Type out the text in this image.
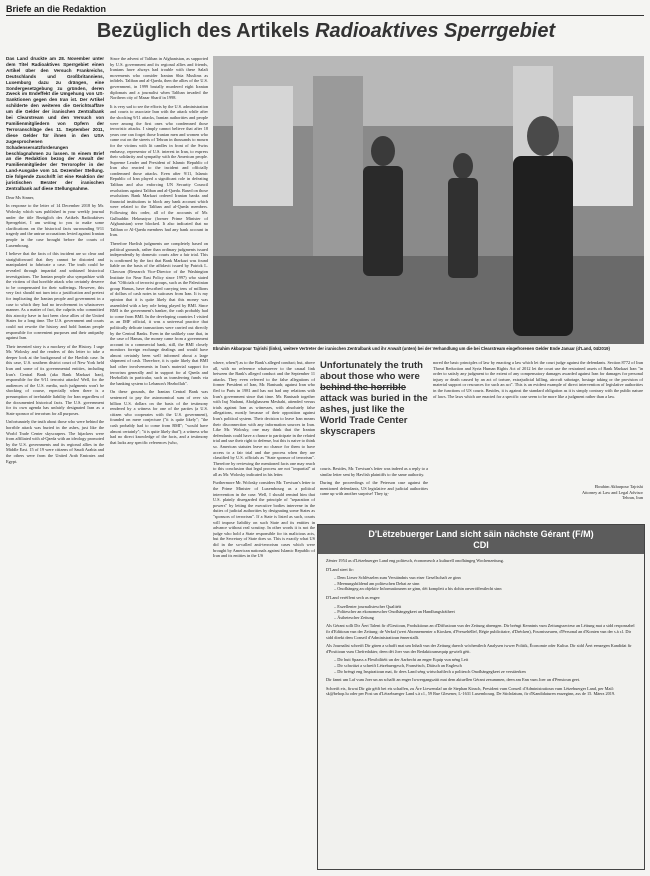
Briefe an die Redaktion
Bezüglich des Artikels Radioaktives Sperrgebiet

Das Land druckte am 28. November unter dem Titel Radioaktives Sperrgebiet einen Artikel über den Versuch Frankreichs, Deutschlands und Großbritanniens, Luxemburg dazu zu drängen, eine Sondergesetzgebung zu gründen, deren Zweck im Endeffekt die Umgehung von US-Sanktionen gegen den Iran ist. Der Artikel schilderte den weiteren die Gerichtsaffäre um die Gelder der iranischen Zentralbank bei Clearstream und den Versuch von Familienmitgliedern von Opfern der Terroranschläge des 11. September 2011, diese Gelder für ihnen in den USA zugesprochenen Schadensersatzforderungen beschlagnahmen zu lassen. In einem Brief an die Redaktion bezog der Anwalt der Familienmitglieder der Terroropfer in der Land-Ausgabe vom 14. Dezember Stellung. Die folgende Zuschrift ist eine Reaktion der juristischen Berater der iranischen Zentralbank auf diese Stellungnahme.

Dear Ms Sinner,

In response to the letter of 14 December 2018 by Mr. Wolosky which was published in your weekly journal under the title Bezüglich des Artikels Radioaktives Sperrgebiet, I am writing to you to make some clarifications on the historical facts surrounding 9/11 tragedy and the untrue accusations levied against Iranian people in the case brought before the courts of Luxembourg.

I believe that the facts of this incident are so clear and straightforward that they cannot be distorted and manipulated to fabricate a case. The truth could be revealed through impartial and unbiased historical investigations. The Iranian people also sympathize with the victims of that horrible attack who certainly deserve to be compensated for their sufferings. However, this very fact should not turn into a justification and pretext for implicating the Iranian people and government in a case to which they had no involvement in whatsoever manner. As a matter of fact, the culprits who committed this atrocity have in fact been close allies of the United States for a long time. The U.S. government and courts could not rewrite the history and hold Iranian people responsible for convenient purposes and their antipathy against Iran.

Their invented story is a mockery of the History. I urge Mr. Wolosky and the readers of this letter to take a deeper look at the background of the Havlish case. In this case, U.S. southern district court of New York held Iran and some of its governmental entities, including Iran's Central Bank (aka Bank Markazi Iran), responsible for the 9/11 terrorist attacks! Well, for the audiences of the U.S. media, such judgments won't be shocking of course, especially when there is a presumption of irrefutable liability for Iran regardless of the documented historical facts. The U.S. government for its own agenda has unfairly designated Iran as a State sponsor of terrorism for all purposes.

Unfortunately the truth about those who were behind the horrible attack was buried in the ashes, just like the World Trade Center skyscrapers. The hijackers were from affiliated with al-Qaeda with an ideology promoted by the U.S. governments and its regional allies in the Middle East. 15 of 19 were citizens of Saudi Arabia and the others were from the United Arab Emirates and Egypt.

Since the advent of Taliban in Afghanistan, as supported by U.S. government and its regional allies and friends, Iranians have always had trouble with these Salafi movements who consider Iranian Shia Muslims as infidels. Taliban and al-Qaeda, then the allies of the U.S. government, in 1999 brutally murdered eight Iranian diplomats and a journalist when Taliban invaded the Northern city of Mazar Sharif in 1998.

It is very sad to see the efforts by the U.S. administration and courts to associate Iran with the attack while after the shocking 9/11 attacks, Iranian authorities and people were among the first ones who condemned those terroristic attacks. I simply cannot believe that after 18 years one can forget those Iranian men and women who came out on the streets of Tehran in thousands to mourn for the victims with lit candles in front of the Swiss embassy, representor of U.S. interest in Iran, to express their solidarity and sympathy with the American people. Supreme Leader and President of Islamic Republic of Iran also reacted to the incident and officially condemned those attacks. Even after 9/11, Islamic Republic of Iran played a significant role in defeating Taliban and also enforcing UN Security Council resolutions against Taliban and al-Qaeda. Based on those resolutions Bank Markazi ordered Iranian banks and financial institutions to block any bank account which were related to the Taliban and al-Qaeda members. Following this order, all of the accounts of Mr. Gulbuddin Hekmatyar (former Prime Minister of Afghanistan) were blocked. It also indicated that no Taliban or Al-Qaeda members had any bank account in Iran.

Therefore Havlish judgments are completely based on political grounds, rather than ordinary judgments issued independently by domestic courts after a fair trial. This is confirmed by the fact that Bank Markazi was found liable on the basis of the affidavit issued by Patrick L. Clawson (Research Vice-Director of the Washington Institute for Near East Policy since 1997) who stated that "Officials of terrorist groups, such as the Palestinian group Hamas, have described carrying tens of millions of dollars of cash notes in suitcases from Iran. It is my opinion that it is quite likely that this money was assembled with a key role being played by BMI. Since BMI is the government's banker, the cash probably had to come from BMI. In the developing countries I visited as an IMF official, it was a universal practice that politically delicate transactions were carried out directly by the Central Banks. Even in the unlikely case that, in the case of Hamas, the money came from a government account in a commercial bank, still, the BMI closely monitors foreign exchange dealings and would have almost certainly been well informed about a large shipment of cash. Therefore, it is quite likely that BMI had other involvements in Iran's material support for terrorism generally and in support for al Qaeda and Hezbollah in particular, such as transferring funds via the banking system to Lebanon's Hezbollah".

On these grounds, the Iranian Central Bank was sentenced to pay the astronomical sum of over six billion U.S. dollars on the basis of the testimony rendered by a witness for one of the parties (a U.S. citizen who cooperates with the U.S. government), founded on mere conjecture ("it is quite likely"; "the cash probably had to come from BMI"; "would have almost certainly"; "it is quite likely that"); a witness who had no direct knowledge of the facts, and a testimony that lacks any specific references (who,

Ebrahim Akbarpour Tajrishi (links), weitere Vertreter der iranischen Zentralbank und ihr Anwalt (unten) bei der Verhandlung um die bei Clearstream eingefrorenen Gelder Ende Januar (d'Land, 04/2019)

where, when?) as to the Bank's alleged conduct; but, above all, with no reference whatsoever to the causal link between the Bank's alleged conduct and the September 11 attacks. They even referred to the false allegations of former President of Iran, Mr. Banisadr, against Iran who fled to Paris in 1981 and has not had any relations with Iran's government since that time. Mr. Banisadr together with Iraj Nadami, Abolghassem Mesbahi, attended versus trials against Iran as witnesses, with absolutely false allegations, mostly because of their opposition against Iran's political system. Their decision to leave Iran means their disconnection with any information sources in Iran. Like Mr. Wolosky, one may think that the Iranian defendants could have a chance to participate in the related trial and use their right to defense, but this is naive to think so. American statutes leave no chance for them to have access to a fair trial and due process when they are classified by U.S. officials as "State sponsor of terrorism". Therefore by reviewing the mentioned facts one may reach to this conclusion that legal process are not "impartial" at all as Mr. Wolosky indicated in his letter.

Furthermore Mr. Wolosky considers Mr. Trevisan's letter to the Prime Minister of Luxembourg as a political intervention in the case. Well, I should remind him that U.S. plainly disregarded the principle of "separation of powers" by letting the executive bodies intervene in the duties of judicial authorities by designating some States as "sponsors of terrorism". If a State is listed as such, courts will impose liability on such State and its entities in advance without real scrutiny. In other words it is not the judge who hold a State responsible for its malicious acts, but the Secretary of State does so. This is exactly what US did in the so-called anti-terrorism cases which were brought by American nationals against Islamic Republic of Iran and its entities in the US

Unfortunately the truth about those who were behind the horrible attack was buried in the ashes, just like the World Trade Center skyscrapers

courts. Besides, Mr. Trevisan's letter was indeed as a reply to a similar letter sent by Havlish plaintiffs to the same authority.

During the proceedings of the Peterson case against the mentioned defendants, US legislative and judicial authorities came up with another surprise! They ig-

nored the basic principles of law by enacting a law which let the court judge against the defendants. Section 8772 of Iran Threat Reduction and Syria Human Rights Act of 2012 let the court use the restrained assets of Bank Markazi Iran "in order to satisfy any judgment to the extent of any compensatory damages awarded against Iran for damages for personal injury or death caused by an act of torture, extrajudicial killing, aircraft sabotage, hostage taking or the provision of material support or resources for such an act". This is an evident example of direct intervention of legislative authorities in the functions of US courts. Besides, it is against the standard obligation as it is simply contrary with the public nature of laws. The laws which are enacted for a specific case seem to be more like a judgment rather than a law.

Ebrahim Akbarpour Tajrishi
Attorney at Law and Legal Advisor
Tehran, Iran
D'Lëtzebuerger Land sicht säin nächste Gérant (F/M)
CDI

Zënter 1954 as d'Lëtzebuerger Land eng politesch, économesch a kulturell onofhängeg Wochenzeitung.

D'Land steet fir:

– Dem Lieser Schlësselen zum Verständnis vun eiser Gesellschaft ze ginn
– Meenungsbildend am politeschen Debat ze sinn
– Onofhängeg an objektiv Informatiounen ze ginn, déi komplett a bis dohin onveröffentlecht sinn

D'Land verëffent sech as enger:

– Exzellenter journalistescher Qualitéit
– Politescher an ekonomescher Onofhängegkeet an Handlungsfräiheet
– Ästhetescher Zeitung

Als Gérant sollt Dir Äert Talent fir d'Gestioun, Produktioun an d'Diffusioun vun der Zeitung abrengen. Dir bréngt Kenntnis vum Zeitungssecteur an Léitung mat a sidd responsabel fir d'Editioun vun der Zeitung: de Verkaf (wert Abonnementer a Kiosken, d'Pressehëllef, Régie publicitaire, d'Drécken), Fournisseuren, d'Personal an d'Konten vun der s.à r.l. Dir sidd direkt dem Conseil d'Administratioun ënnerstallt.

Als Journalist schreift Dir gären a schafft mat um Inhalt vun der Zeitung duerch wöchentlech Analysen iwwer Politik, Économie oder Kultur. Dir sidd Äert eenzegen Kandidat fir d'Positioun vum Chefredakter, deen déi Joer vun der Redaktiounsequip gewielt gëtt.

– Dir hutt Spaass a Flexibilitéit un der Aarbecht an enger Equip vun néng Leit
– Dir schwätzt a schreift Lëtzebuergesch, Franséisch, Däitsch an Englesch
– Dir bréngt eng Inspiratioun mat, fir dees Land séng wirtschaftlech a politesch Onofhängegkeet ze verstäerken

Dir fannt um Laf vum Joer un an schafft an enger Iwwergangszäit mat dem aktuellen Gérant zesummen, deen am Enn vum Joer an d'Pensioun geet.

Schreift eis, firwat Dir gär géift bei eis schaffen, zu Äre Liewenslaf un de Stephan Kinsch, President vum Conseil d'Administratioun vum Lëtzebuerger Land, per Mail: sk@behop.lu oder per Post un d'Lëtzebuerger Land s.à r.l., 59 Rue Glesener, L-1631 Luxembourg. De Stichdatum, fir d'Kandidaturen erazeginn, ass de 15. Mäerz 2019.
